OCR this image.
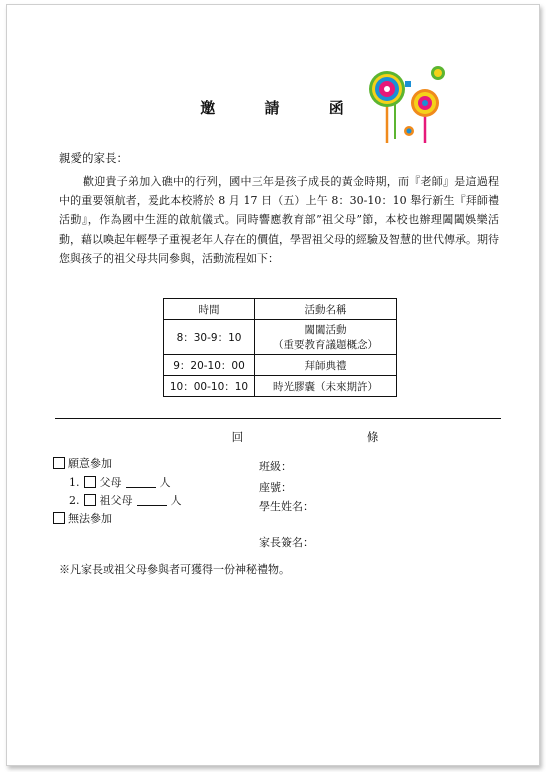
邀 請 函
親愛的家長：
歡迎貴子弟加入礁中的行列，國中三年是孩子成長的黃金時期，而『老師』是這過程中的重要領航者，爰此本校將於 8 月 17 日（五）上午 8：30-10：10 舉行新生『拜師禮活動』，作為國中生涯的啟航儀式。同時響應教育部”祖父母”節，本校也辦理闔闔娛樂活動，藉以喚起年輕學子重視老年人存在的價值，學習祖父母的經驗及智慧的世代傳承。期待您與孩子的祖父母共同參與，活動流程如下：
時間	活動名稱
8：30-9：10	闔闔活動
（重要教育議題概念）

9：20-10：00	拜師典禮
10：00-10：10	時光膠囊（未來期許）
回 條
願意參加
1. 父母	人
2. 祖父母	人
無法參加
班級：
座號：
學生姓名：
家長簽名：
※凡家長或祖父母參與者可獲得一份神秘禮物。
